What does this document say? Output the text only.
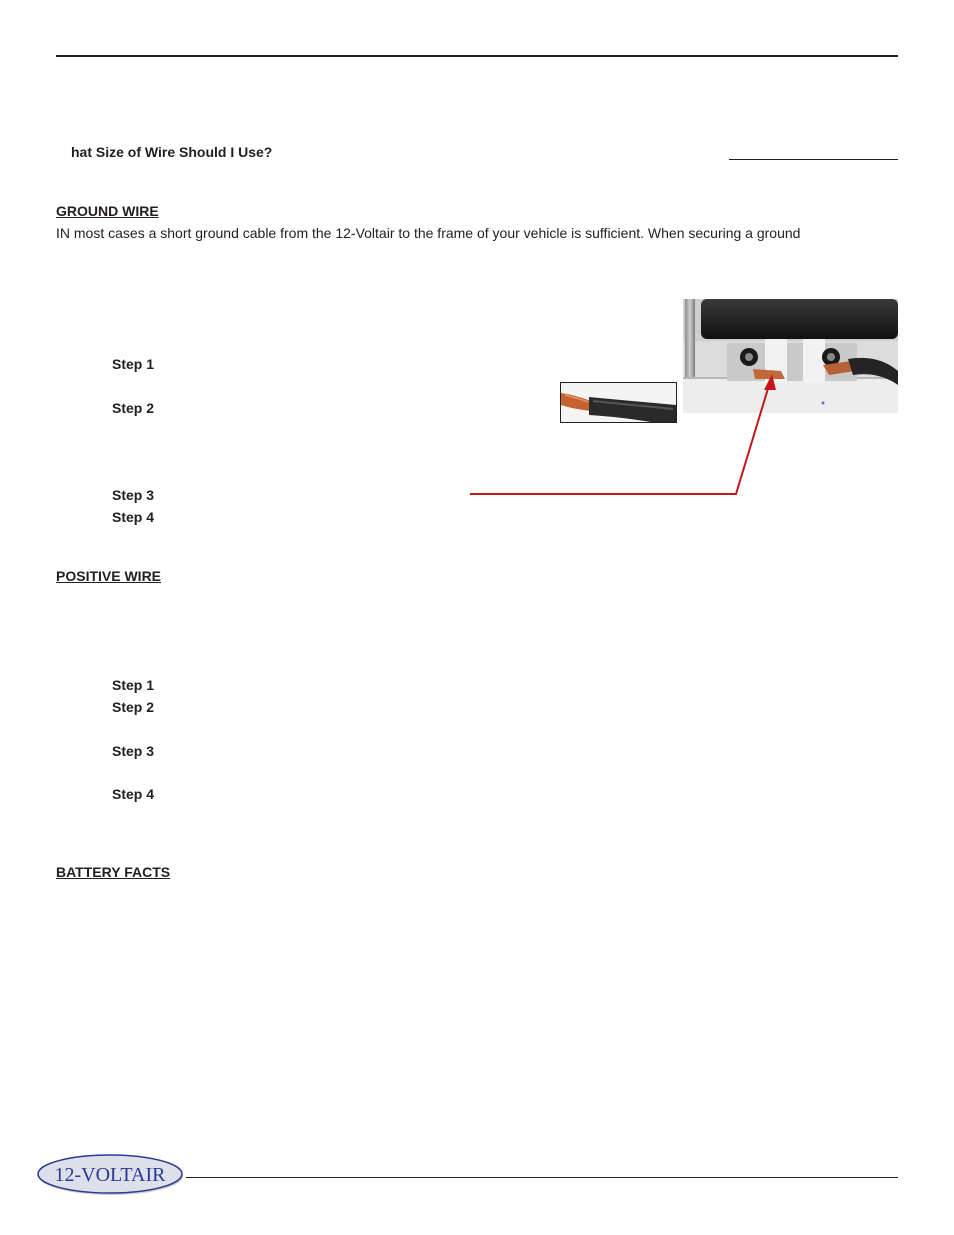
hat Size of Wire Should I Use?
GROUND WIRE
IN most cases a short ground cable from the 12-Voltair to the frame of your vehicle is sufficient. When securing a ground
Step 1
Step 2
Step 3
Step 4
POSITIVE WIRE
Step 1
Step 2
Step 3
Step 4
BATTERY FACTS
12-VOLTAIR
